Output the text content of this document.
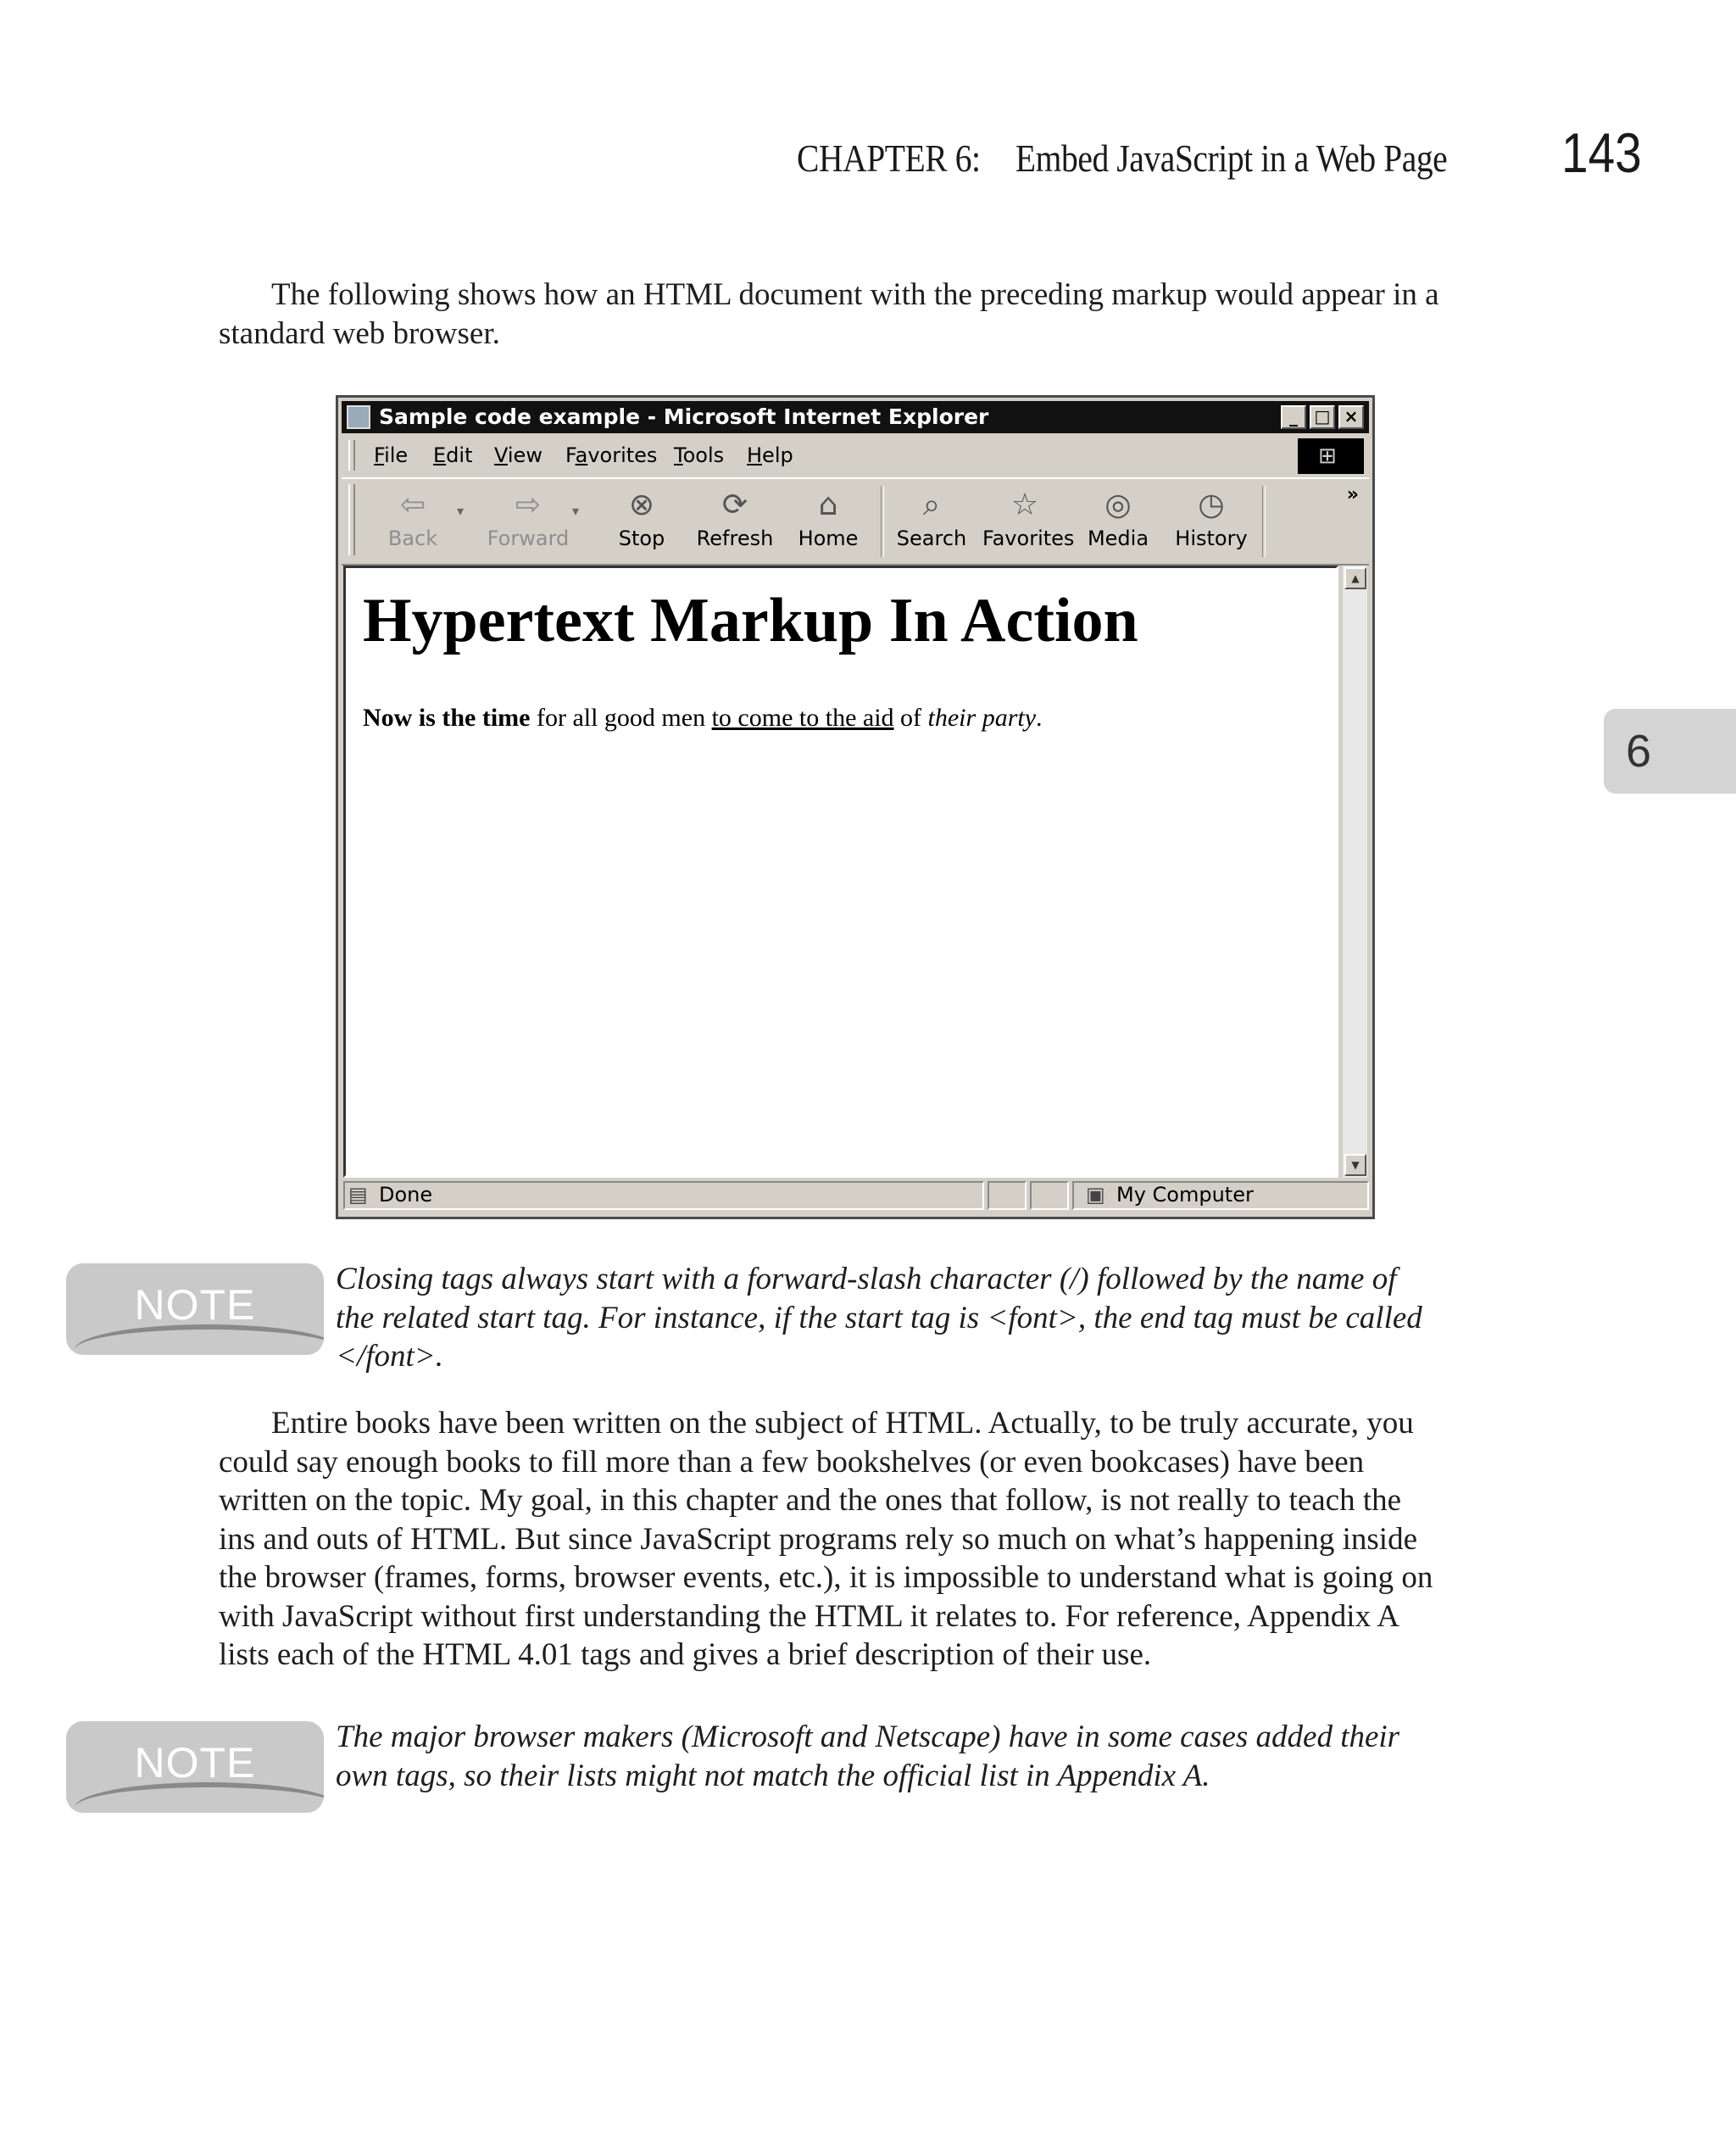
CHAPTER 6: Embed JavaScript in a Web Page 143
6
The following shows how an HTML document with the preceding markup would appear in a
standard web browser.
Sample code example - Microsoft Internet Explorer	_ □ ×
File Edit View Favorites Tools Help	⊞
⇦
Back
▾	⇨
Forward
▾	⊗
Stop
⟳
Refresh
⌂
Home
⌕
Search
☆
Favorites
◎
Media
◷
History
»
Hypertext Markup In Action
Now is the time for all good men to come to the aid of their party.
▲
▼
▤ Done	▣ My Computer
NOTE
Closing tags always start with a forward-slash character (/) followed by the name of
the related start tag. For instance, if the start tag is <font>, the end tag must be called
</font>.
Entire books have been written on the subject of HTML. Actually, to be truly accurate, you
could say enough books to fill more than a few bookshelves (or even bookcases) have been
written on the topic. My goal, in this chapter and the ones that follow, is not really to teach the
ins and outs of HTML. But since JavaScript programs rely so much on what’s happening inside
the browser (frames, forms, browser events, etc.), it is impossible to understand what is going on
with JavaScript without first understanding the HTML it relates to. For reference, Appendix A
lists each of the HTML 4.01 tags and gives a brief description of their use.
NOTE
The major browser makers (Microsoft and Netscape) have in some cases added their
own tags, so their lists might not match the official list in Appendix A.
